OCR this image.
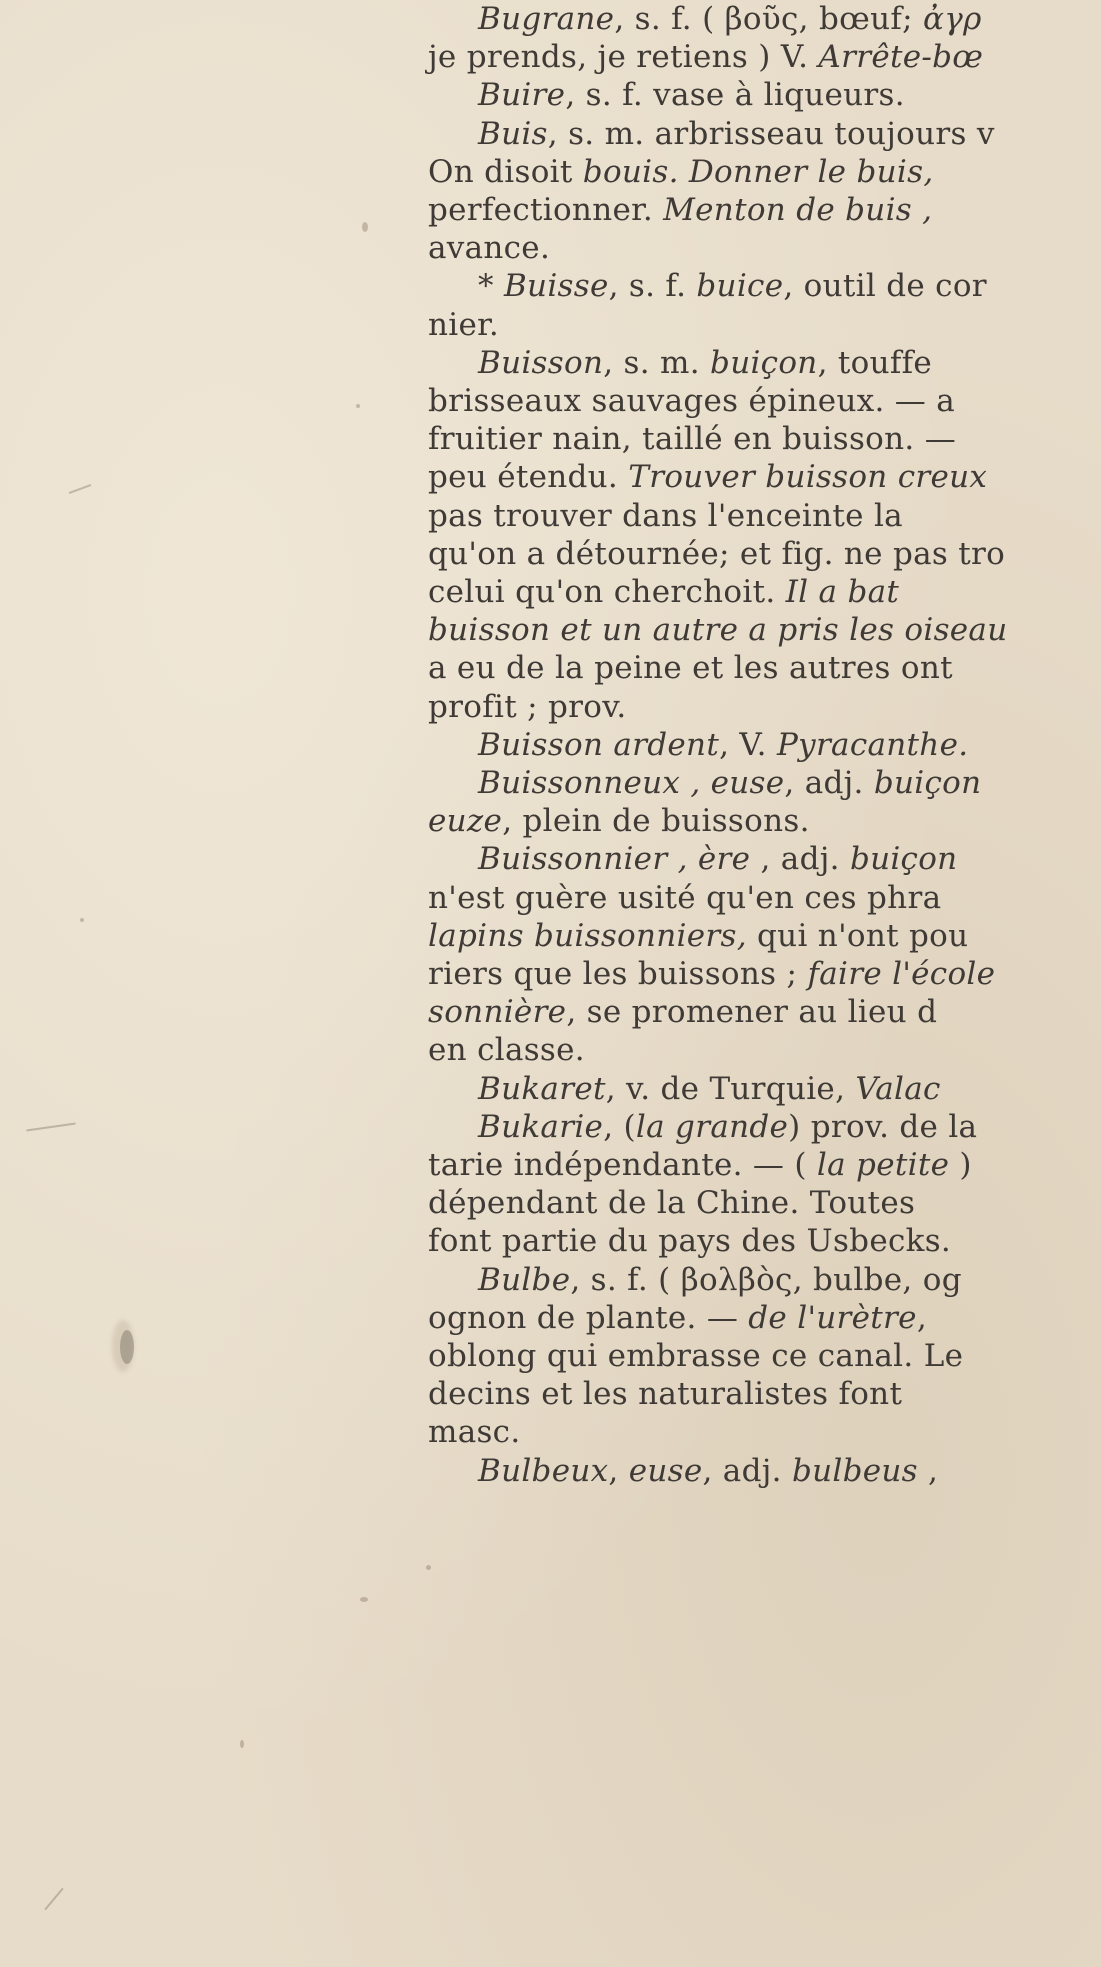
Bugrane, s. f. ( βοῦς, bœuf; ἀγρ
je prends, je retiens ) V. Arrête-bœ
Buire, s. f. vase à liqueurs.
Buis, s. m. arbrisseau toujours v
On disoit bouis. Donner le buis,
perfectionner. Menton de buis ,
avance.
* Buisse, s. f. buice, outil de cor
nier.
Buisson, s. m. buiçon, touffe
brisseaux sauvages épineux. — a
fruitier nain, taillé en buisson. —
peu étendu. Trouver buisson creux
pas trouver dans l'enceinte la
qu'on a détournée; et fig. ne pas tro
celui qu'on cherchoit. Il a bat
buisson et un autre a pris les oiseau
a eu de la peine et les autres ont
profit ; prov.
Buisson ardent, V. Pyracanthe.
Buissonneux , euse, adj. buiçon
euze, plein de buissons.
Buissonnier , ère , adj. buiçon
n'est guère usité qu'en ces phra
lapins buissonniers, qui n'ont pou
riers que les buissons ; faire l'école
sonnière, se promener au lieu d
en classe.
Bukaret, v. de Turquie, Valac
Bukarie, (la grande) prov. de la
tarie indépendante. — ( la petite )
dépendant de la Chine. Toutes
font partie du pays des Usbecks.
Bulbe, s. f. ( βολβὸς, bulbe, og
ognon de plante. — de l'urètre,
oblong qui embrasse ce canal. Le
decins et les naturalistes font
masc.
Bulbeux, euse, adj. bulbeus ,
